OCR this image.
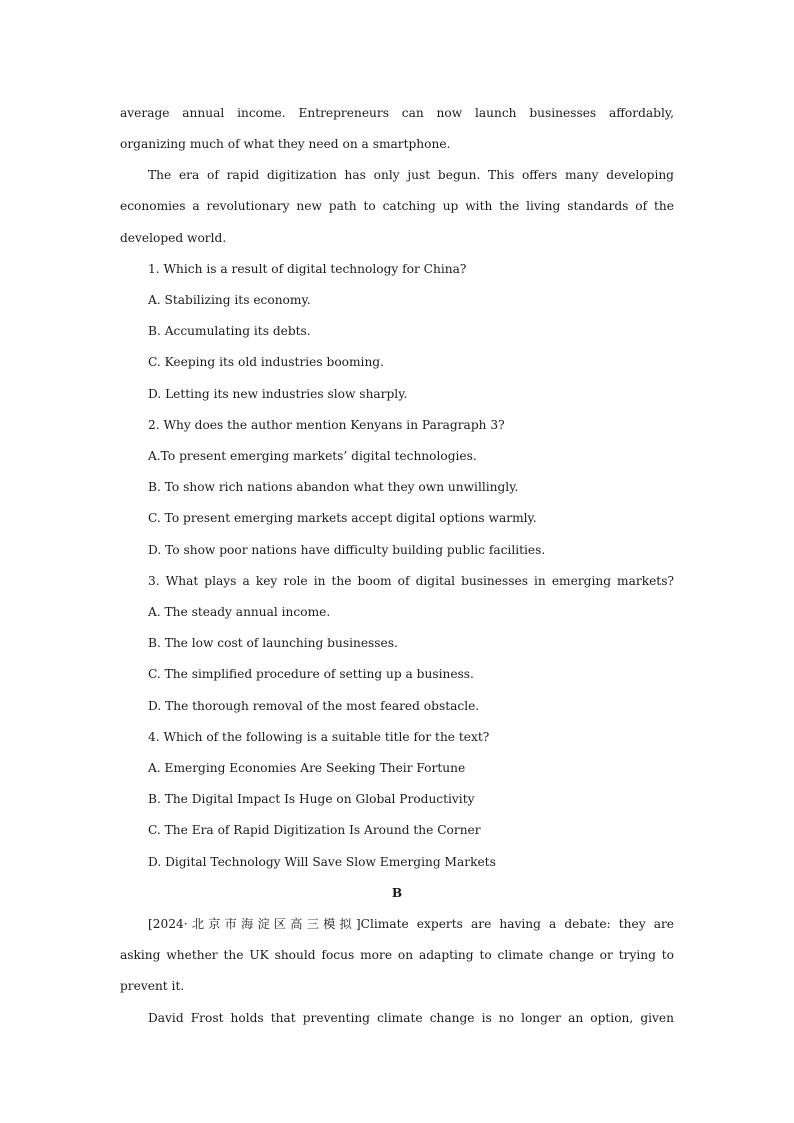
average annual income. Entrepreneurs can now launch businesses affordably,
organizing much of what they need on a smartphone.
The era of rapid digitization has only just begun. This offers many developing
economies a revolutionary new path to catching up with the living standards of the
developed world.
1. Which is a result of digital technology for China?
A. Stabilizing its economy.
B. Accumulating its debts.
C. Keeping its old industries booming.
D. Letting its new industries slow sharply.
2. Why does the author mention Kenyans in Paragraph 3?
A.To present emerging markets’ digital technologies.
B. To show rich nations abandon what they own unwillingly.
C. To present emerging markets accept digital options warmly.
D. To show poor nations have difficulty building public facilities.
3. What plays a key role in the boom of digital businesses in emerging markets?
A. The steady annual income.
B. The low cost of launching businesses.
C. The simplified procedure of setting up a business.
D. The thorough removal of the most feared obstacle.
4. Which of the following is a suitable title for the text?
A. Emerging Economies Are Seeking Their Fortune
B. The Digital Impact Is Huge on Global Productivity
C. The Era of Rapid Digitization Is Around the Corner
D. Digital Technology Will Save Slow Emerging Markets
B
[2024·北京市海淀区高三模拟]Climate experts are having a debate: they are
asking whether the UK should focus more on adapting to climate change or trying to
prevent it.
David Frost holds that preventing climate change is no longer an option, given
